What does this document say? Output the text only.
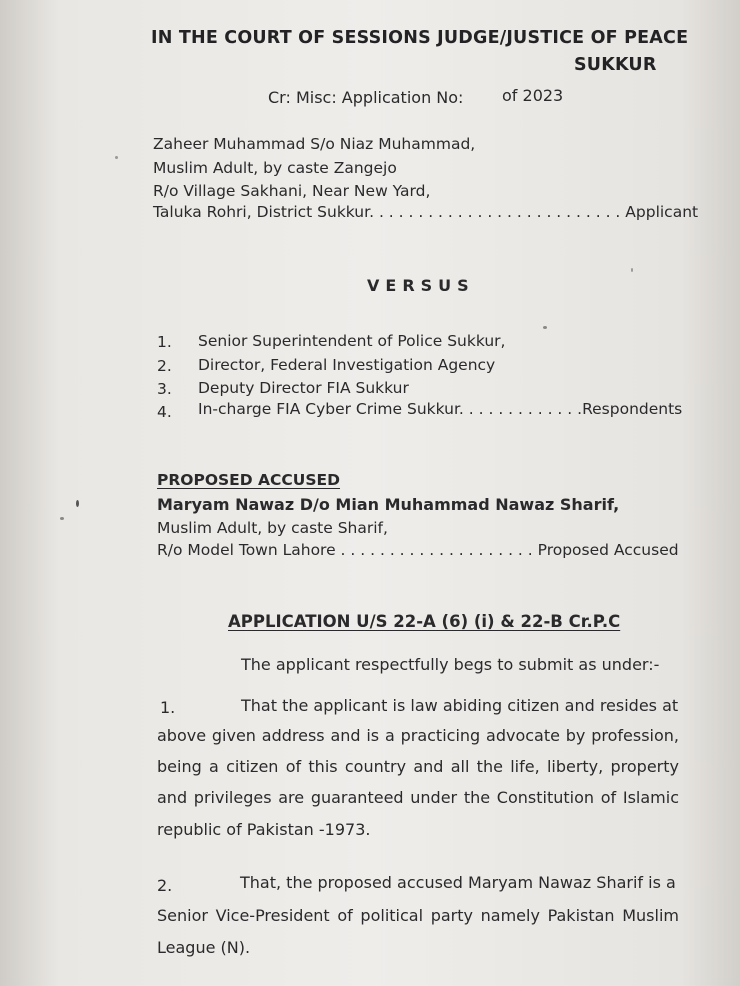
IN THE COURT OF SESSIONS JUDGE/JUSTICE OF PEACE
SUKKUR
Cr: Misc: Application No: of 2023
Zaheer Muhammad S/o Niaz Muhammad,
Muslim Adult, by caste Zangejo
R/o Village Sakhani, Near New Yard,
Taluka Rohri, District Sukkur. . . . . . . . . . . . . . . . . . . . . . . . . . Applicant
VERSUS
1. Senior Superintendent of Police Sukkur,
2. Director, Federal Investigation Agency
3. Deputy Director FIA Sukkur
4. In-charge FIA Cyber Crime Sukkur. . . . . . . . . . . . .Respondents
PROPOSED ACCUSED
Maryam Nawaz D/o Mian Muhammad Nawaz Sharif,
Muslim Adult, by caste Sharif,
R/o Model Town Lahore . . . . . . . . . . . . . . . . . . . . Proposed Accused
APPLICATION U/S 22-A (6) (i) & 22-B Cr.P.C
The applicant respectfully begs to submit as under:-
1.	That the applicant is law abiding citizen and resides at
above given address and is a practicing advocate by profession,
being a citizen of this country and all the life, liberty, property
and privileges are guaranteed under the Constitution of Islamic
republic of Pakistan -1973.
2.	That, the proposed accused Maryam Nawaz Sharif is a
Senior Vice-President of political party namely Pakistan Muslim
League (N).
